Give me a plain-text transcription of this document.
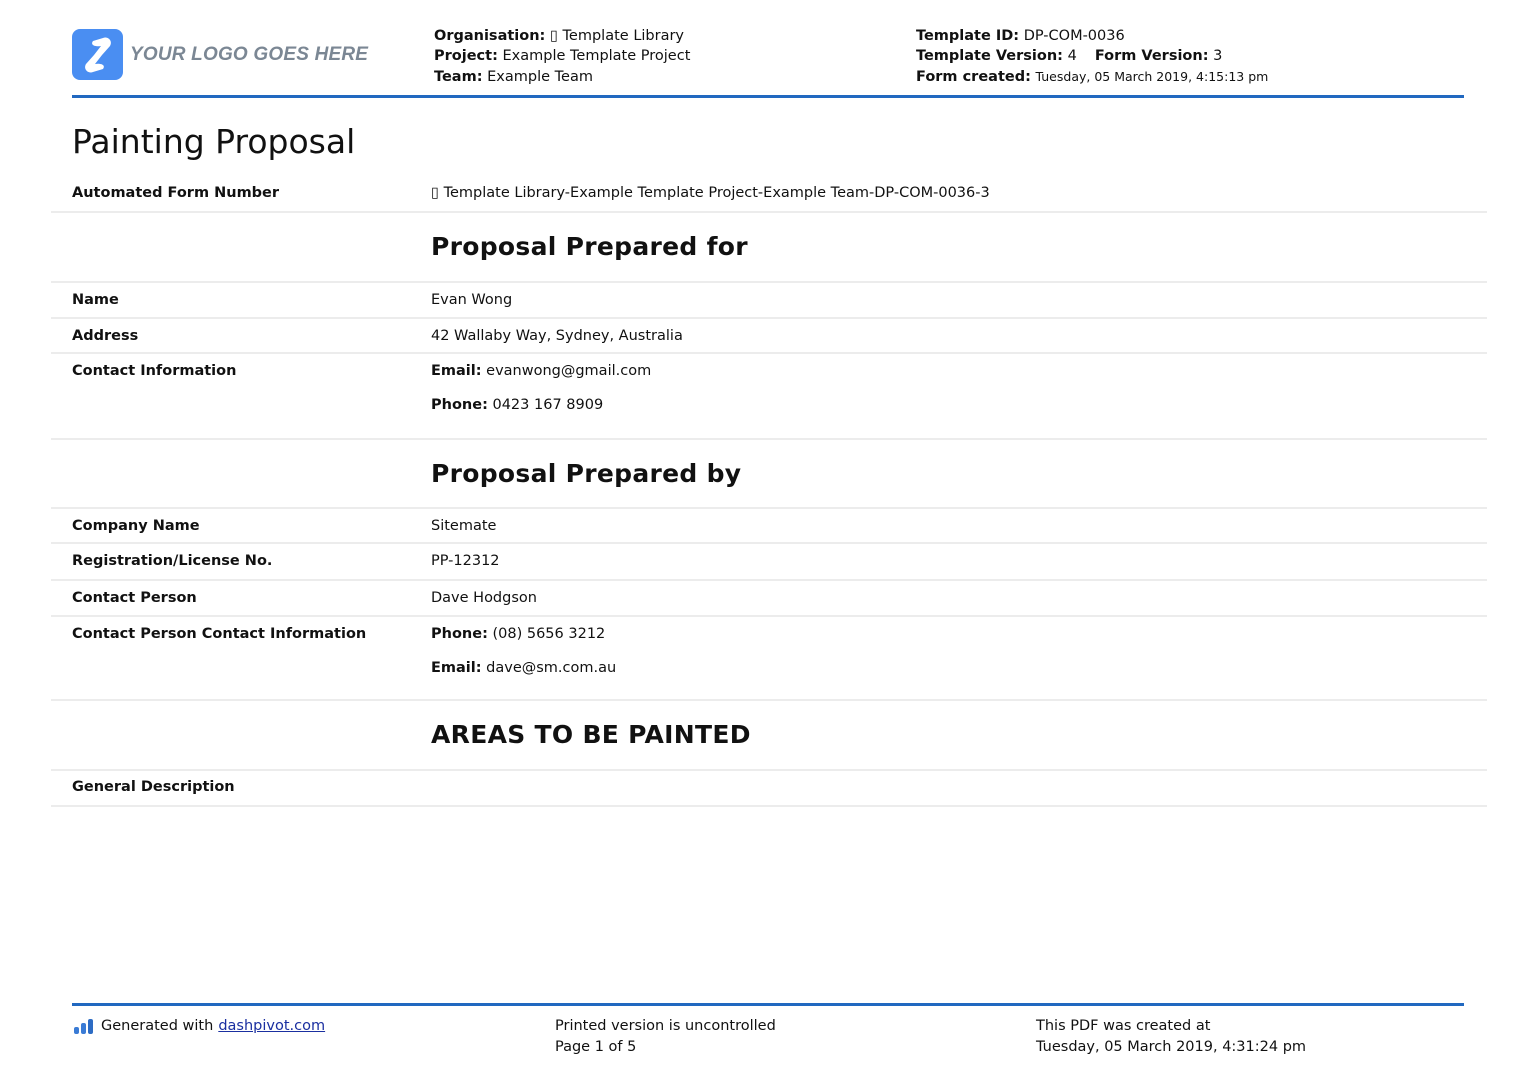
YOUR LOGO GOES HERE
Organisation: ▯ Template Library
Project: Example Template Project
Team: Example Team
Template ID: DP-COM-0036
Template Version: 4 Form Version: 3
Form created: Tuesday, 05 March 2019, 4:15:13 pm
Painting Proposal
Automated Form Number	▯ Template Library-Example Template Project-Example Team-DP-COM-0036-3
Proposal Prepared for
Name	Evan Wong
Address	42 Wallaby Way, Sydney, Australia
Contact Information	Email: evanwong@gmail.com
Phone: 0423 167 8909
Proposal Prepared by
Company Name	Sitemate
Registration/License No.	PP-12312
Contact Person	Dave Hodgson
Contact Person Contact Information	Phone: (08) 5656 3212
Email: dave@sm.com.au
AREAS TO BE PAINTED
General Description
Generated with dashpivot.com	Printed version is uncontrolled
Page 1 of 5
This PDF was created at
Tuesday, 05 March 2019, 4:31:24 pm
